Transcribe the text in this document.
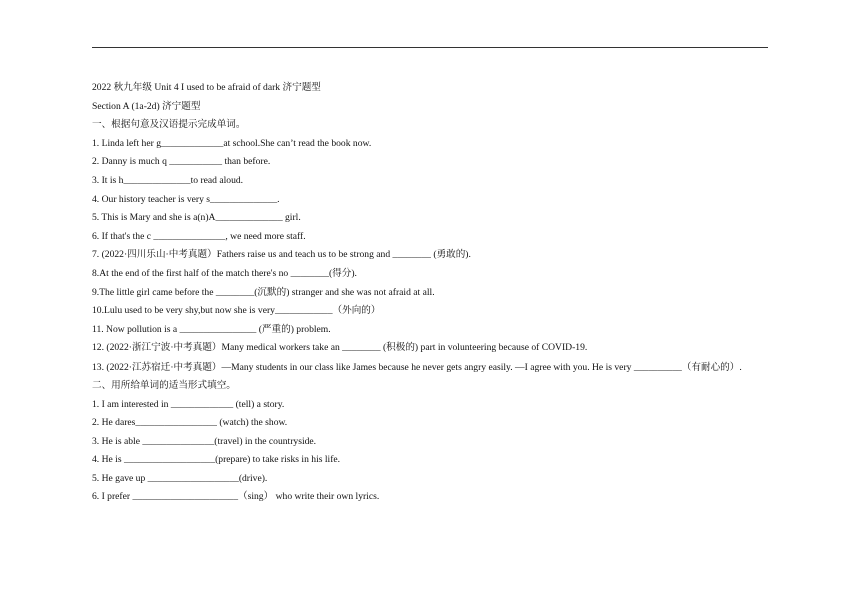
2022 秋九年级 Unit 4 I used to be afraid of dark 济宁题型
Section A (1a-2d) 济宁题型
一、根据句意及汉语提示完成单词。
1. Linda left her g_____________at school.She can’t read the book now.
2. Danny is much q ___________ than before.
3. It is h______________to read aloud.
4. Our history teacher is very s______________.
5. This is Mary and she is a(n)A______________ girl.
6. If that's the c _______________, we need more staff.
7. (2022·四川乐山·中考真题）Fathers raise us and teach us to be strong and ________ (勇敢的).
8.At the end of the first half of the match there's no ________(得分).
9.The little girl came before the ________(沉默的) stranger and she was not afraid at all.
10.Lulu used to be very shy,but now she is very____________（外向的）
11. Now pollution is a ________________ (严重的) problem.
12. (2022·浙江宁波·中考真题）Many medical workers take an ________ (积极的) part in volunteering because of COVID-19.
13. (2022·江苏宿迁·中考真题）—Many students in our class like James because he never gets angry easily. —I agree with you. He is very __________（有耐心的）.
二、用所给单词的适当形式填空。
1. I am interested in _____________ (tell) a story.
2. He dares_________________ (watch) the show.
3. He is able _______________(travel) in the countryside.
4. He is ___________________(prepare) to take risks in his life.
5. He gave up ___________________(drive).
6. I prefer ______________________（sing） who write their own lyrics.
